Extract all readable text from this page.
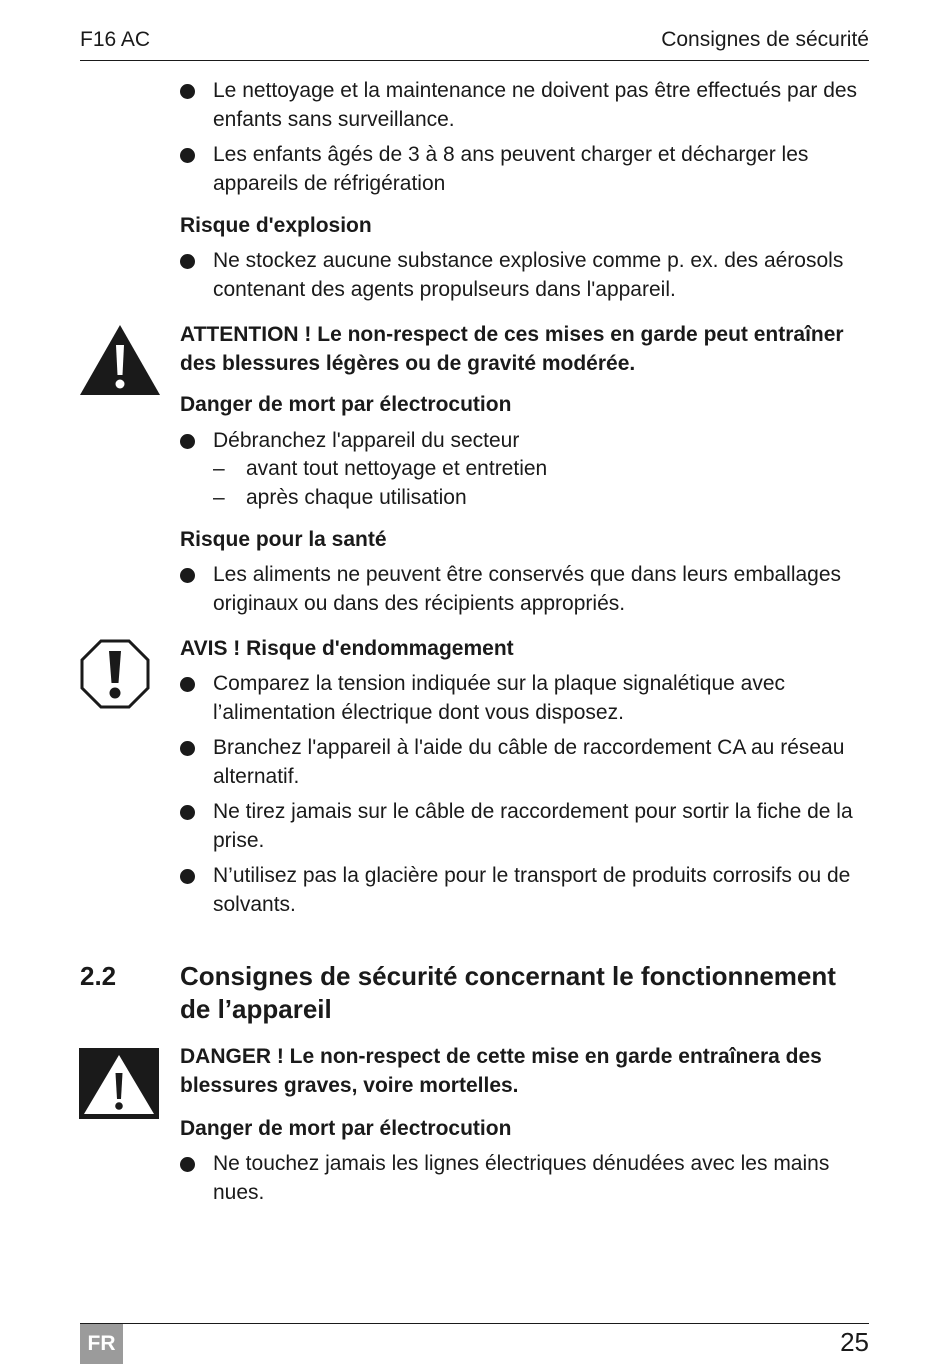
F16 AC	Consignes de sécurité
Le nettoyage et la maintenance ne doivent pas être effectués par des enfants sans surveillance.
Les enfants âgés de 3 à 8 ans peuvent charger et décharger les appareils de réfrigération
Risque d'explosion
Ne stockez aucune substance explosive comme p. ex. des aérosols contenant des agents propulseurs dans l'appareil.
ATTENTION ! Le non-respect de ces mises en garde peut entraîner des blessures légères ou de gravité modérée.
Danger de mort par électrocution
Débranchez l'appareil du secteur
– avant tout nettoyage et entretien
– après chaque utilisation
Risque pour la santé
Les aliments ne peuvent être conservés que dans leurs emballages originaux ou dans des récipients appropriés.
AVIS ! Risque d'endommagement
Comparez la tension indiquée sur la plaque signalétique avec l’alimentation électrique dont vous disposez.
Branchez l'appareil à l'aide du câble de raccordement CA au réseau alternatif.
Ne tirez jamais sur le câble de raccordement pour sortir la fiche de la prise.
N’utilisez pas la glacière pour le transport de produits corrosifs ou de solvants.
2.2 Consignes de sécurité concernant le fonctionnement de l’appareil
DANGER ! Le non-respect de cette mise en garde entraînera des blessures graves, voire mortelles.
Danger de mort par électrocution
Ne touchez jamais les lignes électriques dénudées avec les mains nues.
FR	25
